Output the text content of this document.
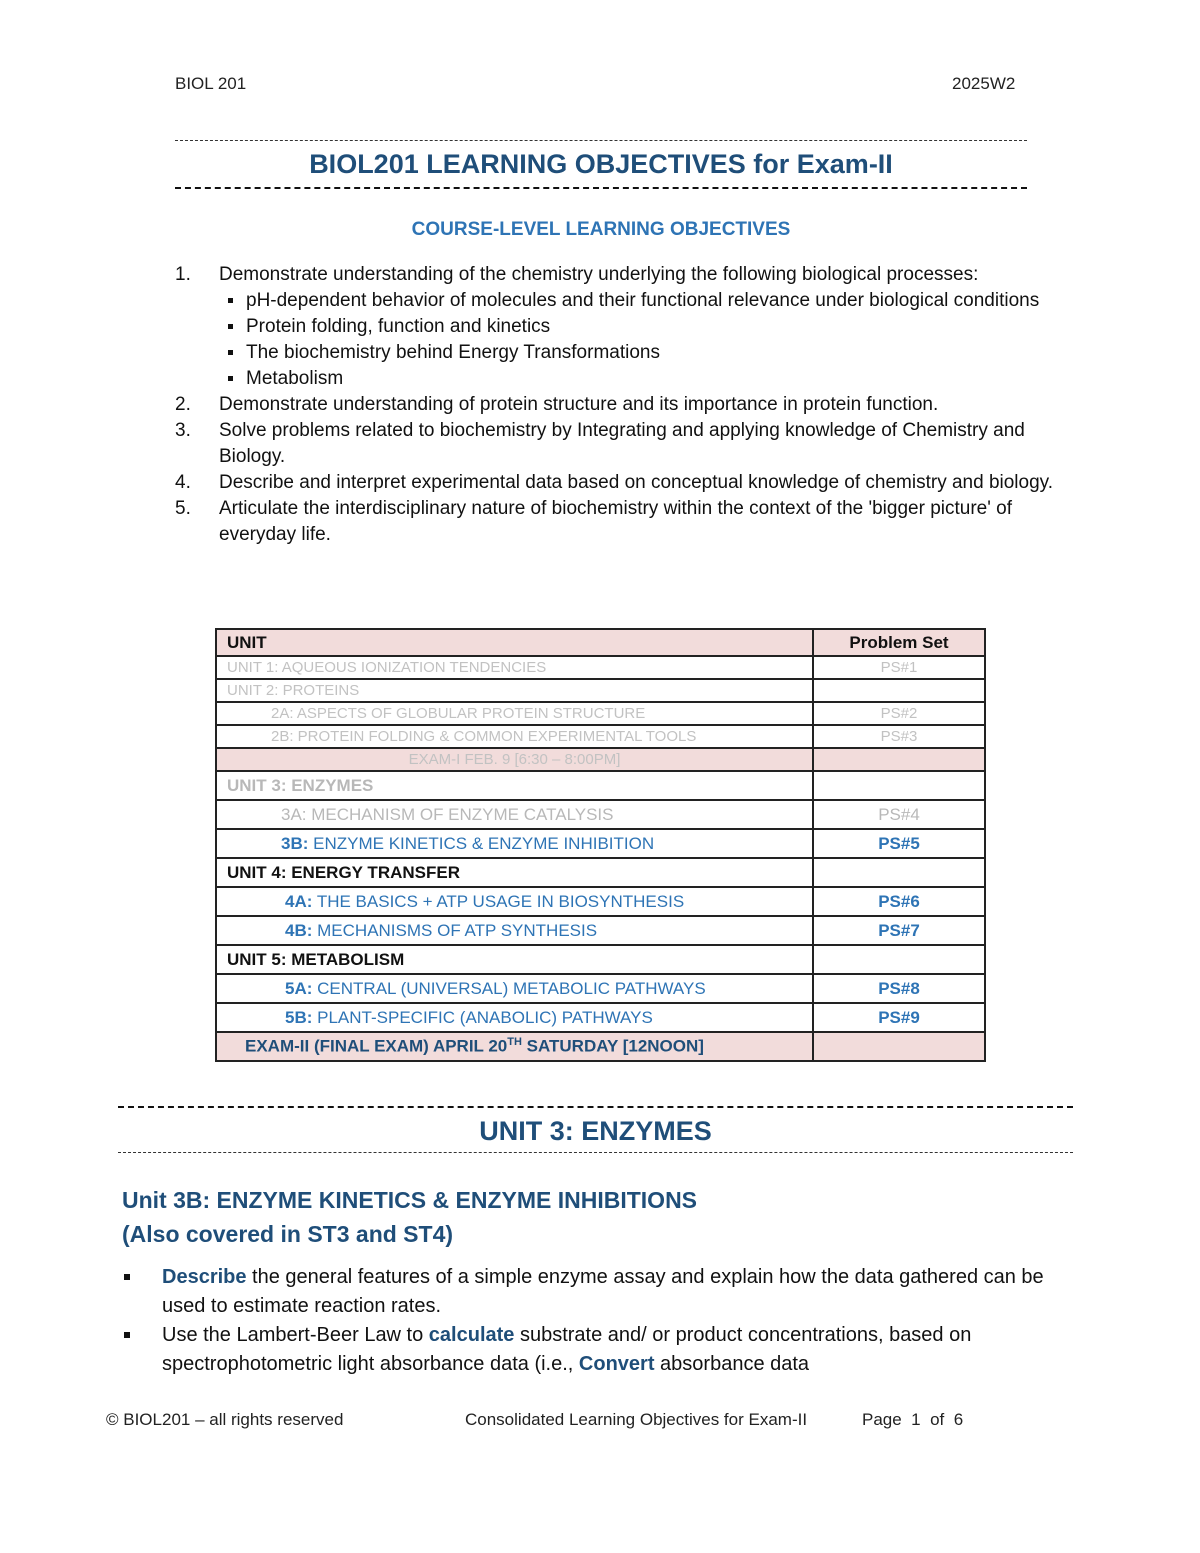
BIOL 201	2025W2
BIOL201 LEARNING OBJECTIVES for Exam-II
COURSE-LEVEL LEARNING OBJECTIVES
1. Demonstrate understanding of the chemistry underlying the following biological processes:
pH-dependent behavior of molecules and their functional relevance under biological conditions
Protein folding, function and kinetics
The biochemistry behind Energy Transformations
Metabolism
2. Demonstrate understanding of protein structure and its importance in protein function.
3. Solve problems related to biochemistry by Integrating and applying knowledge of Chemistry and Biology.
4. Describe and interpret experimental data based on conceptual knowledge of chemistry and biology.
5. Articulate the interdisciplinary nature of biochemistry within the context of the 'bigger picture' of everyday life.
UNIT	Problem Set
UNIT 1: AQUEOUS IONIZATION TENDENCIES	PS#1
UNIT 2: PROTEINS	
2A: ASPECTS OF GLOBULAR PROTEIN STRUCTURE	PS#2
2B: PROTEIN FOLDING & COMMON EXPERIMENTAL TOOLS	PS#3
EXAM-I FEB. 9 [6:30 – 8:00PM]	
UNIT 3: ENZYMES	
3A: MECHANISM OF ENZYME CATALYSIS	PS#4
3B: ENZYME KINETICS & ENZYME INHIBITION	PS#5
UNIT 4: ENERGY TRANSFER	
4A: THE BASICS + ATP USAGE IN BIOSYNTHESIS	PS#6
4B: MECHANISMS OF ATP SYNTHESIS	PS#7
UNIT 5: METABOLISM	
5A: CENTRAL (UNIVERSAL) METABOLIC PATHWAYS	PS#8
5B: PLANT-SPECIFIC (ANABOLIC) PATHWAYS	PS#9
EXAM-II (FINAL EXAM) APRIL 20TH SATURDAY [12NOON]	
UNIT 3: ENZYMES
Unit 3B: ENZYME KINETICS & ENZYME INHIBITIONS
(Also covered in ST3 and ST4)
Describe the general features of a simple enzyme assay and explain how the data gathered can be used to estimate reaction rates.
Use the Lambert-Beer Law to calculate substrate and/ or product concentrations, based on spectrophotometric light absorbance data (i.e., Convert absorbance data
© BIOL201 – all rights reserved	Consolidated Learning Objectives for Exam-II	Page 1 of 6
